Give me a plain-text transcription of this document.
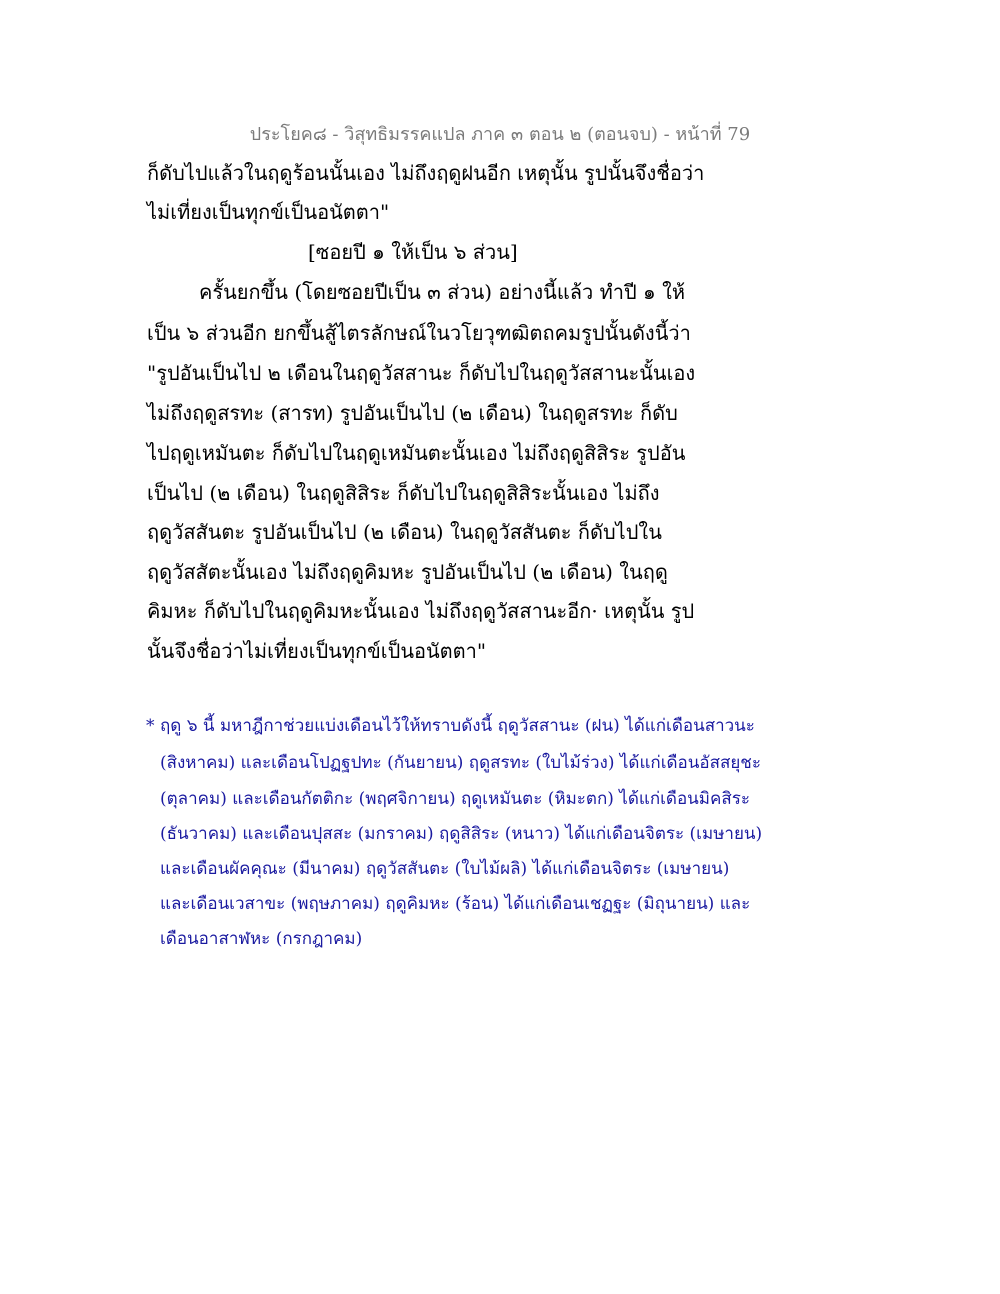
ประโยค๘ - วิสุทธิมรรคแปล ภาค ๓ ตอน ๒ (ตอนจบ) - หน้าที่ 79
ก็ดับไปแล้วในฤดูร้อนนั้นเอง ไม่ถึงฤดูฝนอีก เหตุนั้น รูปนั้นจึงชื่อว่า
ไม่เที่ยงเป็นทุกข์เป็นอนัตตา"
[ซอยปี ๑ ให้เป็น ๖ ส่วน]
ครั้นยกขึ้น (โดยซอยปีเป็น ๓ ส่วน) อย่างนี้แล้ว ทำปี ๑ ให้
เป็น ๖ ส่วนอีก ยกขึ้นสู้ไตรลักษณ์ในวโยวุฑฒิตถคมรูปนั้นดังนี้ว่า
"รูปอันเป็นไป ๒ เดือนในฤดูวัสสานะ ก็ดับไปในฤดูวัสสานะนั้นเอง
ไม่ถึงฤดูสรทะ (สารท) รูปอันเป็นไป (๒ เดือน) ในฤดูสรทะ ก็ดับ
ไปฤดูเหมันตะ ก็ดับไปในฤดูเหมันตะนั้นเอง ไม่ถึงฤดูสิสิระ รูปอัน
เป็นไป (๒ เดือน) ในฤดูสิสิระ ก็ดับไปในฤดูสิสิระนั้นเอง ไม่ถึง
ฤดูวัสสันตะ รูปอันเป็นไป (๒ เดือน) ในฤดูวัสสันตะ ก็ดับไปใน
ฤดูวัสสัตะนั้นเอง ไม่ถึงฤดูคิมหะ รูปอันเป็นไป (๒ เดือน) ในฤดู
คิมหะ ก็ดับไปในฤดูคิมหะนั้นเอง ไม่ถึงฤดูวัสสานะอีก· เหตุนั้น รูป
นั้นจึงชื่อว่าไม่เที่ยงเป็นทุกข์เป็นอนัตตา"
* ฤดู ๖ นี้ มหาฎีกาช่วยแบ่งเดือนไว้ให้ทราบดังนี้ ฤดูวัสสานะ (ฝน) ได้แก่เดือนสาวนะ
(สิงหาคม) และเดือนโปฏฐปทะ (กันยายน) ฤดูสรทะ (ใบไม้ร่วง) ได้แก่เดือนอัสสยุชะ
(ตุลาคม) และเดือนกัตติกะ (พฤศจิกายน) ฤดูเหมันตะ (หิมะตก) ได้แก่เดือนมิคสิระ
(ธันวาคม) และเดือนปุสสะ (มกราคม) ฤดูสิสิระ (หนาว) ได้แก่เดือนจิตระ (เมษายน)
และเดือนผัคคุณะ (มีนาคม) ฤดูวัสสันตะ (ใบไม้ผลิ) ได้แก่เดือนจิตระ (เมษายน)
และเดือนเวสาขะ (พฤษภาคม) ฤดูคิมหะ (ร้อน) ได้แก่เดือนเชฏฐะ (มิถุนายน) และ
เดือนอาสาฬหะ (กรกฎาคม)
